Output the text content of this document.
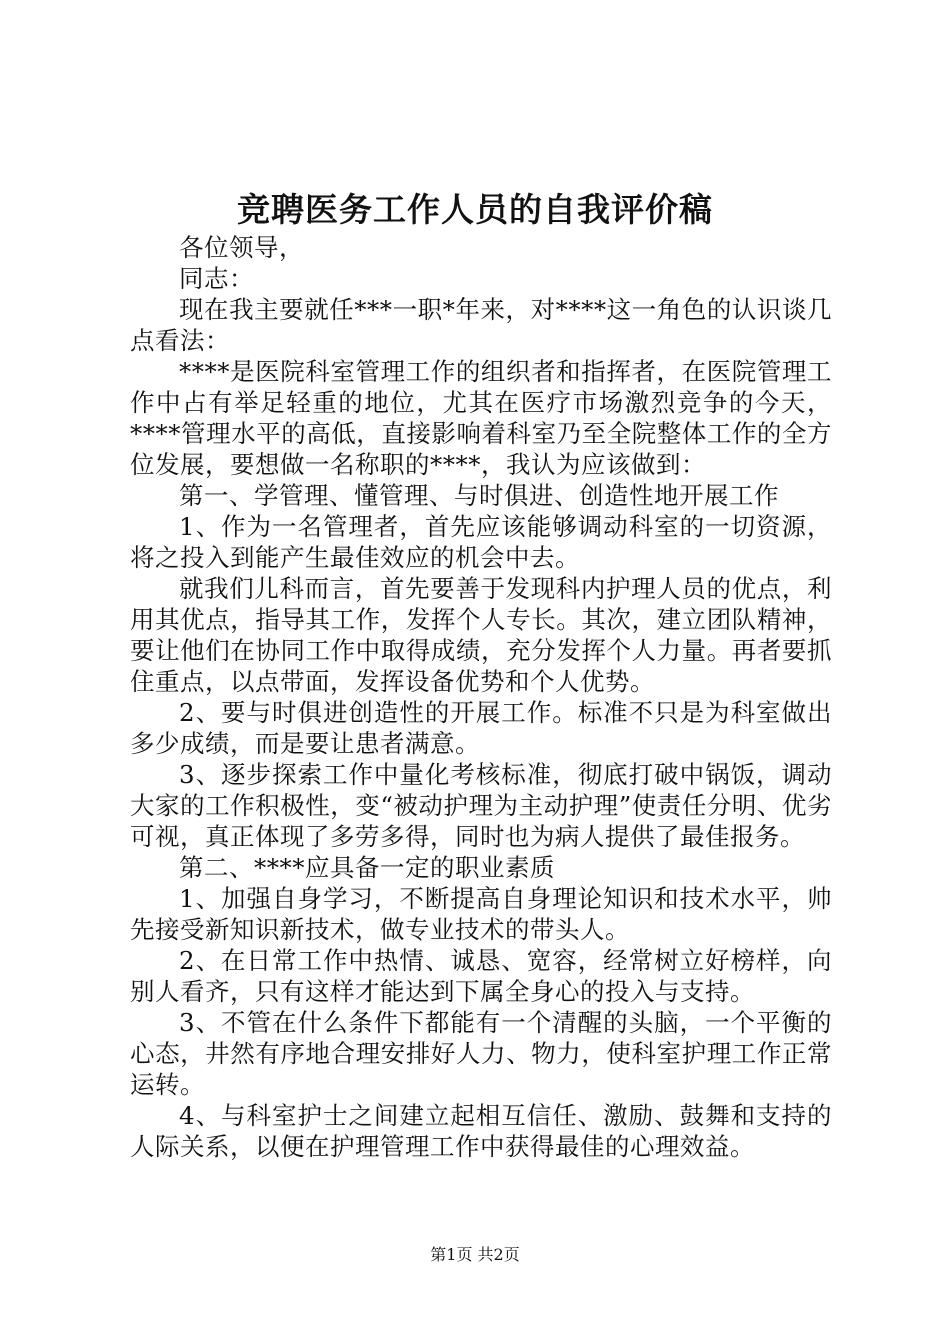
竞聘医务工作人员的自我评价稿

各位领导，

同志：

现在我主要就任***一职*年来，对****这一角色的认识谈几点看法：

****是医院科室管理工作的组织者和指挥者，在医院管理工作中占有举足轻重的地位，尤其在医疗市场激烈竞争的今天，****管理水平的高低，直接影响着科室乃至全院整体工作的全方位发展，要想做一名称职的****，我认为应该做到：

第一、学管理、懂管理、与时俱进、创造性地开展工作

1、作为一名管理者，首先应该能够调动科室的一切资源，将之投入到能产生最佳效应的机会中去。

就我们儿科而言，首先要善于发现科内护理人员的优点，利用其优点，指导其工作，发挥个人专长。其次，建立团队精神，要让他们在协同工作中取得成绩，充分发挥个人力量。再者要抓住重点，以点带面，发挥设备优势和个人优势。

2、要与时俱进创造性的开展工作。标准不只是为科室做出多少成绩，而是要让患者满意。

3、逐步探索工作中量化考核标准，彻底打破中锅饭，调动大家的工作积极性，变“被动护理为主动护理”使责任分明、优劣可视，真正体现了多劳多得，同时也为病人提供了最佳报务。

第二、****应具备一定的职业素质

1、加强自身学习，不断提高自身理论知识和技术水平，帅先接受新知识新技术，做专业技术的带头人。

2、在日常工作中热情、诚恳、宽容，经常树立好榜样，向别人看齐，只有这样才能达到下属全身心的投入与支持。

3、不管在什么条件下都能有一个清醒的头脑，一个平衡的心态，井然有序地合理安排好人力、物力，使科室护理工作正常运转。

4、与科室护士之间建立起相互信任、激励、鼓舞和支持的人际关系，以便在护理管理工作中获得最佳的心理效益。

第1页 共2页
